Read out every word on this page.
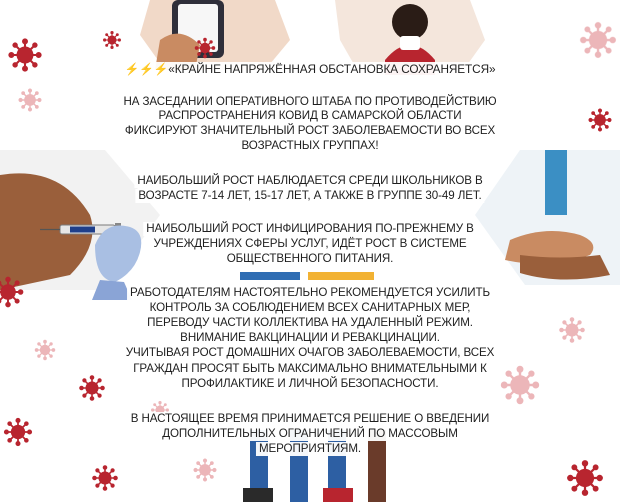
⚡⚡⚡«КРАЙНЕ НАПРЯЖЁННАЯ ОБСТАНОВКА СОХРАНЯЕТСЯ»
НА ЗАСЕДАНИИ ОПЕРАТИВНОГО ШТАБА ПО ПРОТИВОДЕЙСТВИЮ
РАСПРОСТРАНЕНИЯ КОВИД В САМАРСКОЙ ОБЛАСТИ
ФИКСИРУЮТ ЗНАЧИТЕЛЬНЫЙ РОСТ ЗАБОЛЕВАЕМОСТИ ВО ВСЕХ
ВОЗРАСТНЫХ ГРУППАХ!
НАИБОЛЬШИЙ РОСТ НАБЛЮДАЕТСЯ СРЕДИ ШКОЛЬНИКОВ В
ВОЗРАСТЕ 7-14 ЛЕТ, 15-17 ЛЕТ, А ТАКЖЕ В ГРУППЕ 30-49 ЛЕТ.
НАИБОЛЬШИЙ РОСТ ИНФИЦИРОВАНИЯ ПО-ПРЕЖНЕМУ В
УЧРЕЖДЕНИЯХ СФЕРЫ УСЛУГ, ИДЁТ РОСТ В СИСТЕМЕ
ОБЩЕСТВЕННОГО ПИТАНИЯ.
РАБОТОДАТЕЛЯМ НАСТОЯТЕЛЬНО РЕКОМЕНДУЕТСЯ УСИЛИТЬ
КОНТРОЛЬ ЗА СОБЛЮДЕНИЕМ ВСЕХ САНИТАРНЫХ МЕР,
ПЕРЕВОДУ ЧАСТИ КОЛЛЕКТИВА НА УДАЛЕННЫЙ РЕЖИМ.
ВНИМАНИЕ ВАКЦИНАЦИИ И РЕВАКЦИНАЦИИ.
УЧИТЫВАЯ РОСТ ДОМАШНИХ ОЧАГОВ ЗАБОЛЕВАЕМОСТИ, ВСЕХ
ГРАЖДАН ПРОСЯТ БЫТЬ МАКСИМАЛЬНО ВНИМАТЕЛЬНЫМИ К
ПРОФИЛАКТИКЕ И ЛИЧНОЙ БЕЗОПАСНОСТИ.
В НАСТОЯЩЕЕ ВРЕМЯ ПРИНИМАЕТСЯ РЕШЕНИЕ О ВВЕДЕНИИ
ДОПОЛНИТЕЛЬНЫХ ОГРАНИЧЕНИЙ ПО МАССОВЫМ
МЕРОПРИЯТИЯМ.
